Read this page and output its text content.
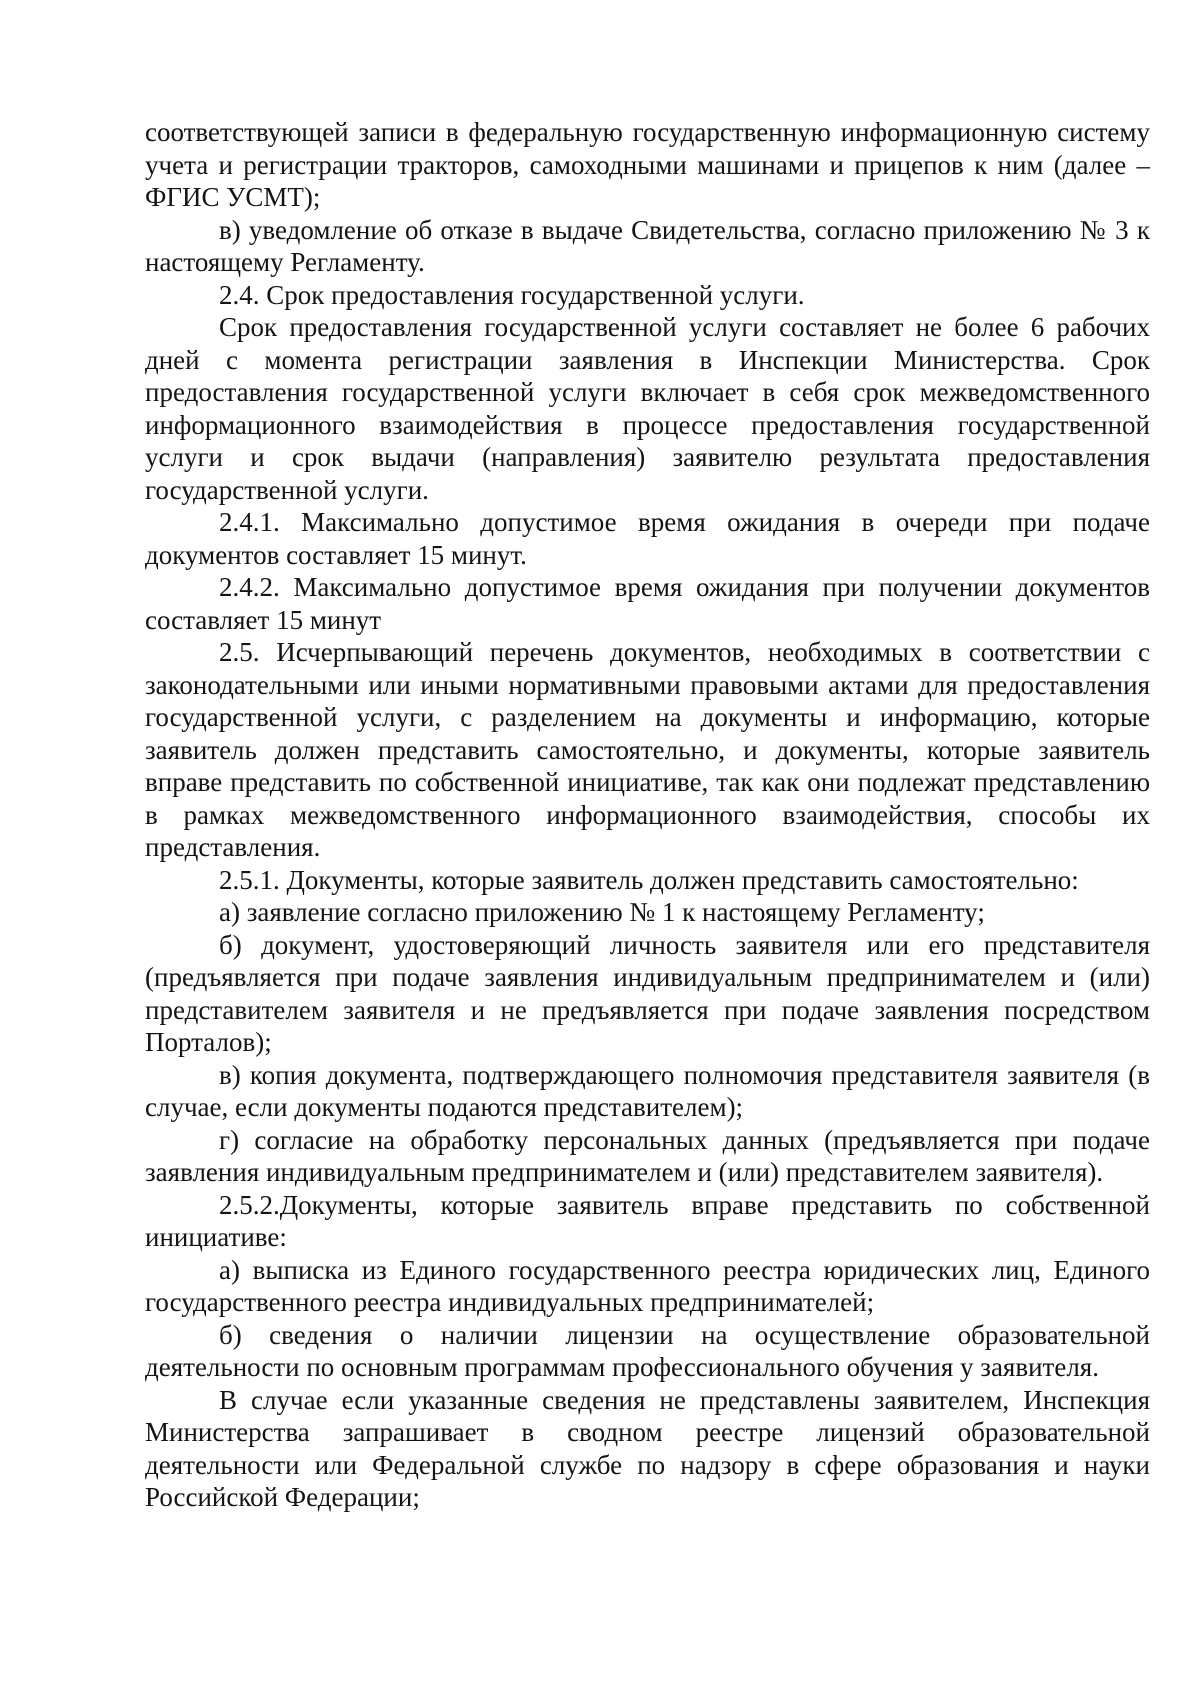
соответствующей записи в федеральную государственную информационную систему учета и регистрации тракторов, самоходными машинами и прицепов к ним (далее – ФГИС УСМТ);

в) уведомление об отказе в выдаче Свидетельства, согласно приложению № 3 к настоящему Регламенту.

2.4. Срок предоставления государственной услуги.

Срок предоставления государственной услуги составляет не более 6 рабочих дней с момента регистрации заявления в Инспекции Министерства. Срок предоставления государственной услуги включает в себя срок межведомственного информационного взаимодействия в процессе предоставления государственной услуги и срок выдачи (направления) заявителю результата предоставления государственной услуги.

2.4.1. Максимально допустимое время ожидания в очереди при подаче документов составляет 15 минут.

2.4.2. Максимально допустимое время ожидания при получении документов составляет 15 минут

2.5. Исчерпывающий перечень документов, необходимых в соответствии с законодательными или иными нормативными правовыми актами для предоставления государственной услуги, с разделением на документы и информацию, которые заявитель должен представить самостоятельно, и документы, которые заявитель вправе представить по собственной инициативе, так как они подлежат представлению в рамках межведомственного информационного взаимодействия, способы их представления.

2.5.1. Документы, которые заявитель должен представить самостоятельно:

а) заявление согласно приложению № 1 к настоящему Регламенту;

б) документ, удостоверяющий личность заявителя или его представителя (предъявляется при подаче заявления индивидуальным предпринимателем и (или) представителем заявителя и не предъявляется при подаче заявления посредством Порталов);

в) копия документа, подтверждающего полномочия представителя заявителя (в случае, если документы подаются представителем);

г) согласие на обработку персональных данных (предъявляется при подаче заявления индивидуальным предпринимателем и (или) представителем заявителя).

2.5.2.Документы, которые заявитель вправе представить по собственной инициативе:

а) выписка из Единого государственного реестра юридических лиц, Единого государственного реестра индивидуальных предпринимателей;

б) сведения о наличии лицензии на осуществление образовательной деятельности по основным программам профессионального обучения у заявителя.

В случае если указанные сведения не представлены заявителем, Инспекция Министерства запрашивает в сводном реестре лицензий образовательной деятельности или Федеральной службе по надзору в сфере образования и науки Российской Федерации;
